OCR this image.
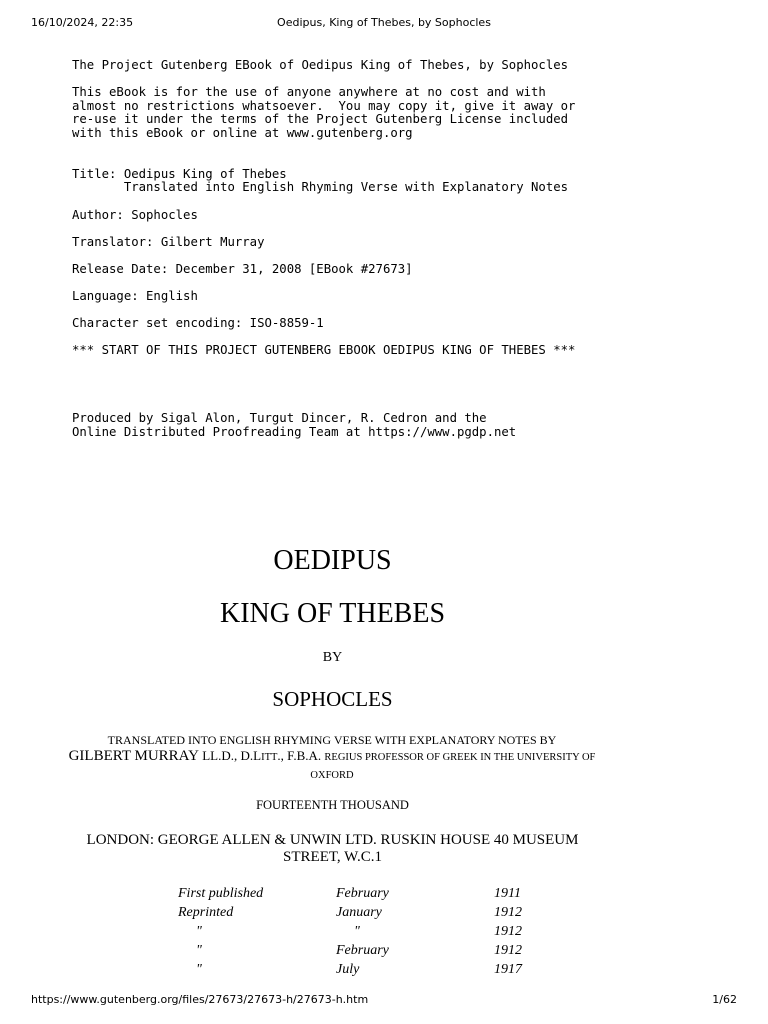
16/10/2024, 22:35	Oedipus, King of Thebes, by Sophocles
The Project Gutenberg EBook of Oedipus King of Thebes, by Sophocles

This eBook is for the use of anyone anywhere at no cost and with
almost no restrictions whatsoever.  You may copy it, give it away or
re-use it under the terms of the Project Gutenberg License included
with this eBook or online at www.gutenberg.org

Title: Oedipus King of Thebes
Translated into English Rhyming Verse with Explanatory Notes

Author: Sophocles

Translator: Gilbert Murray

Release Date: December 31, 2008 [EBook #27673]

Language: English

Character set encoding: ISO-8859-1

*** START OF THIS PROJECT GUTENBERG EBOOK OEDIPUS KING OF THEBES ***

Produced by Sigal Alon, Turgut Dincer, R. Cedron and the
Online Distributed Proofreading Team at https://www.pgdp.net
OEDIPUS
KING OF THEBES
BY
SOPHOCLES
TRANSLATED INTO ENGLISH RHYMING VERSE WITH EXPLANATORY NOTES BY
GILBERT MURRAY LL.D., D.LITT., F.B.A. REGIUS PROFESSOR OF GREEK IN THE UNIVERSITY OF OXFORD
FOURTEENTH THOUSAND
LONDON: GEORGE ALLEN & UNWIN LTD. RUSKIN HOUSE 40 MUSEUM STREET, W.C.1
First published	February	1911
Reprinted	January	1912
"	"	1912
"	February	1912
"	July	1917
https://www.gutenberg.org/files/27673/27673-h/27673-h.htm	1/62
